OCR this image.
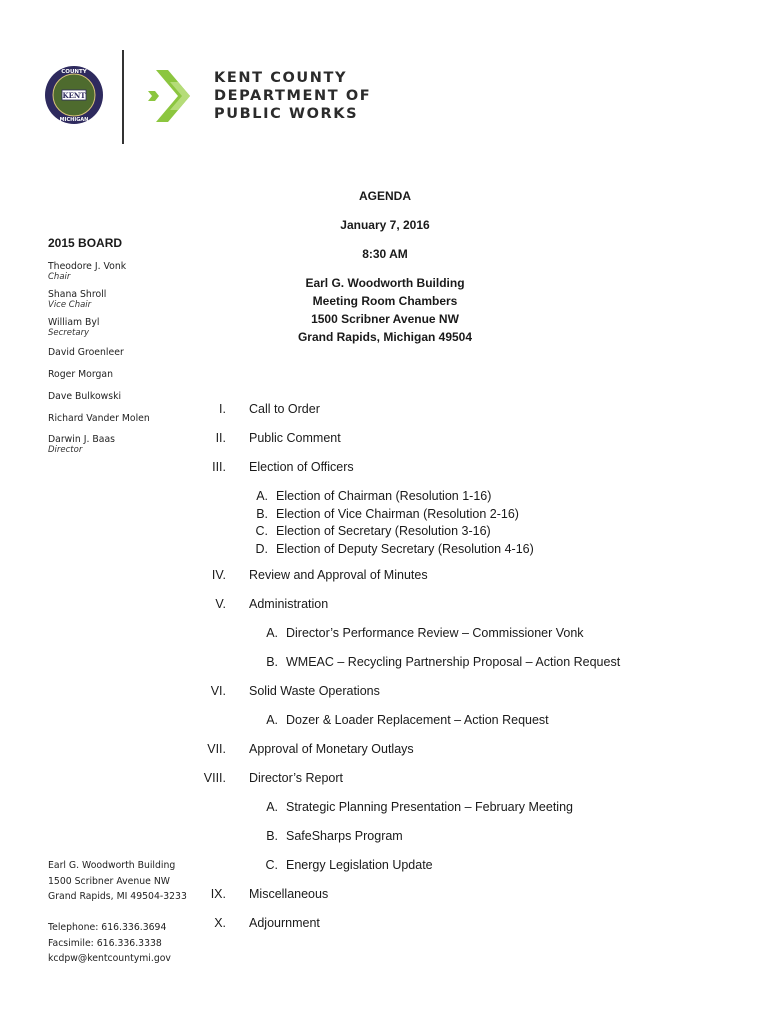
COUNTY
KENT
MICHIGAN
KENT COUNTY
DEPARTMENT OF
PUBLIC WORKS
AGENDA
January 7, 2016
8:30 AM
Earl G. Woodworth Building
Meeting Room Chambers
1500 Scribner Avenue NW
Grand Rapids, Michigan 49504
2015 BOARD
Theodore J. Vonk
Chair
Shana Shroll
Vice Chair
William Byl
Secretary
David Groenleer
Roger Morgan
Dave Bulkowski
Richard Vander Molen
Darwin J. Baas
Director
Earl G. Woodworth Building
1500 Scribner Avenue NW
Grand Rapids, MI 49504-3233
Telephone: 616.336.3694
Facsimile: 616.336.3338
kcdpw@kentcountymi.gov
I. Call to Order
II. Public Comment
III. Election of Officers
A. Election of Chairman (Resolution 1-16)
B. Election of Vice Chairman (Resolution 2-16)
C. Election of Secretary (Resolution 3-16)
D. Election of Deputy Secretary (Resolution 4-16)
IV. Review and Approval of Minutes
V. Administration
A. Director’s Performance Review – Commissioner Vonk
B. WMEAC – Recycling Partnership Proposal – Action Request
VI. Solid Waste Operations
A. Dozer & Loader Replacement – Action Request
VII. Approval of Monetary Outlays
VIII. Director’s Report
A. Strategic Planning Presentation – February Meeting
B. SafeSharps Program
C. Energy Legislation Update
IX. Miscellaneous
X. Adjournment
